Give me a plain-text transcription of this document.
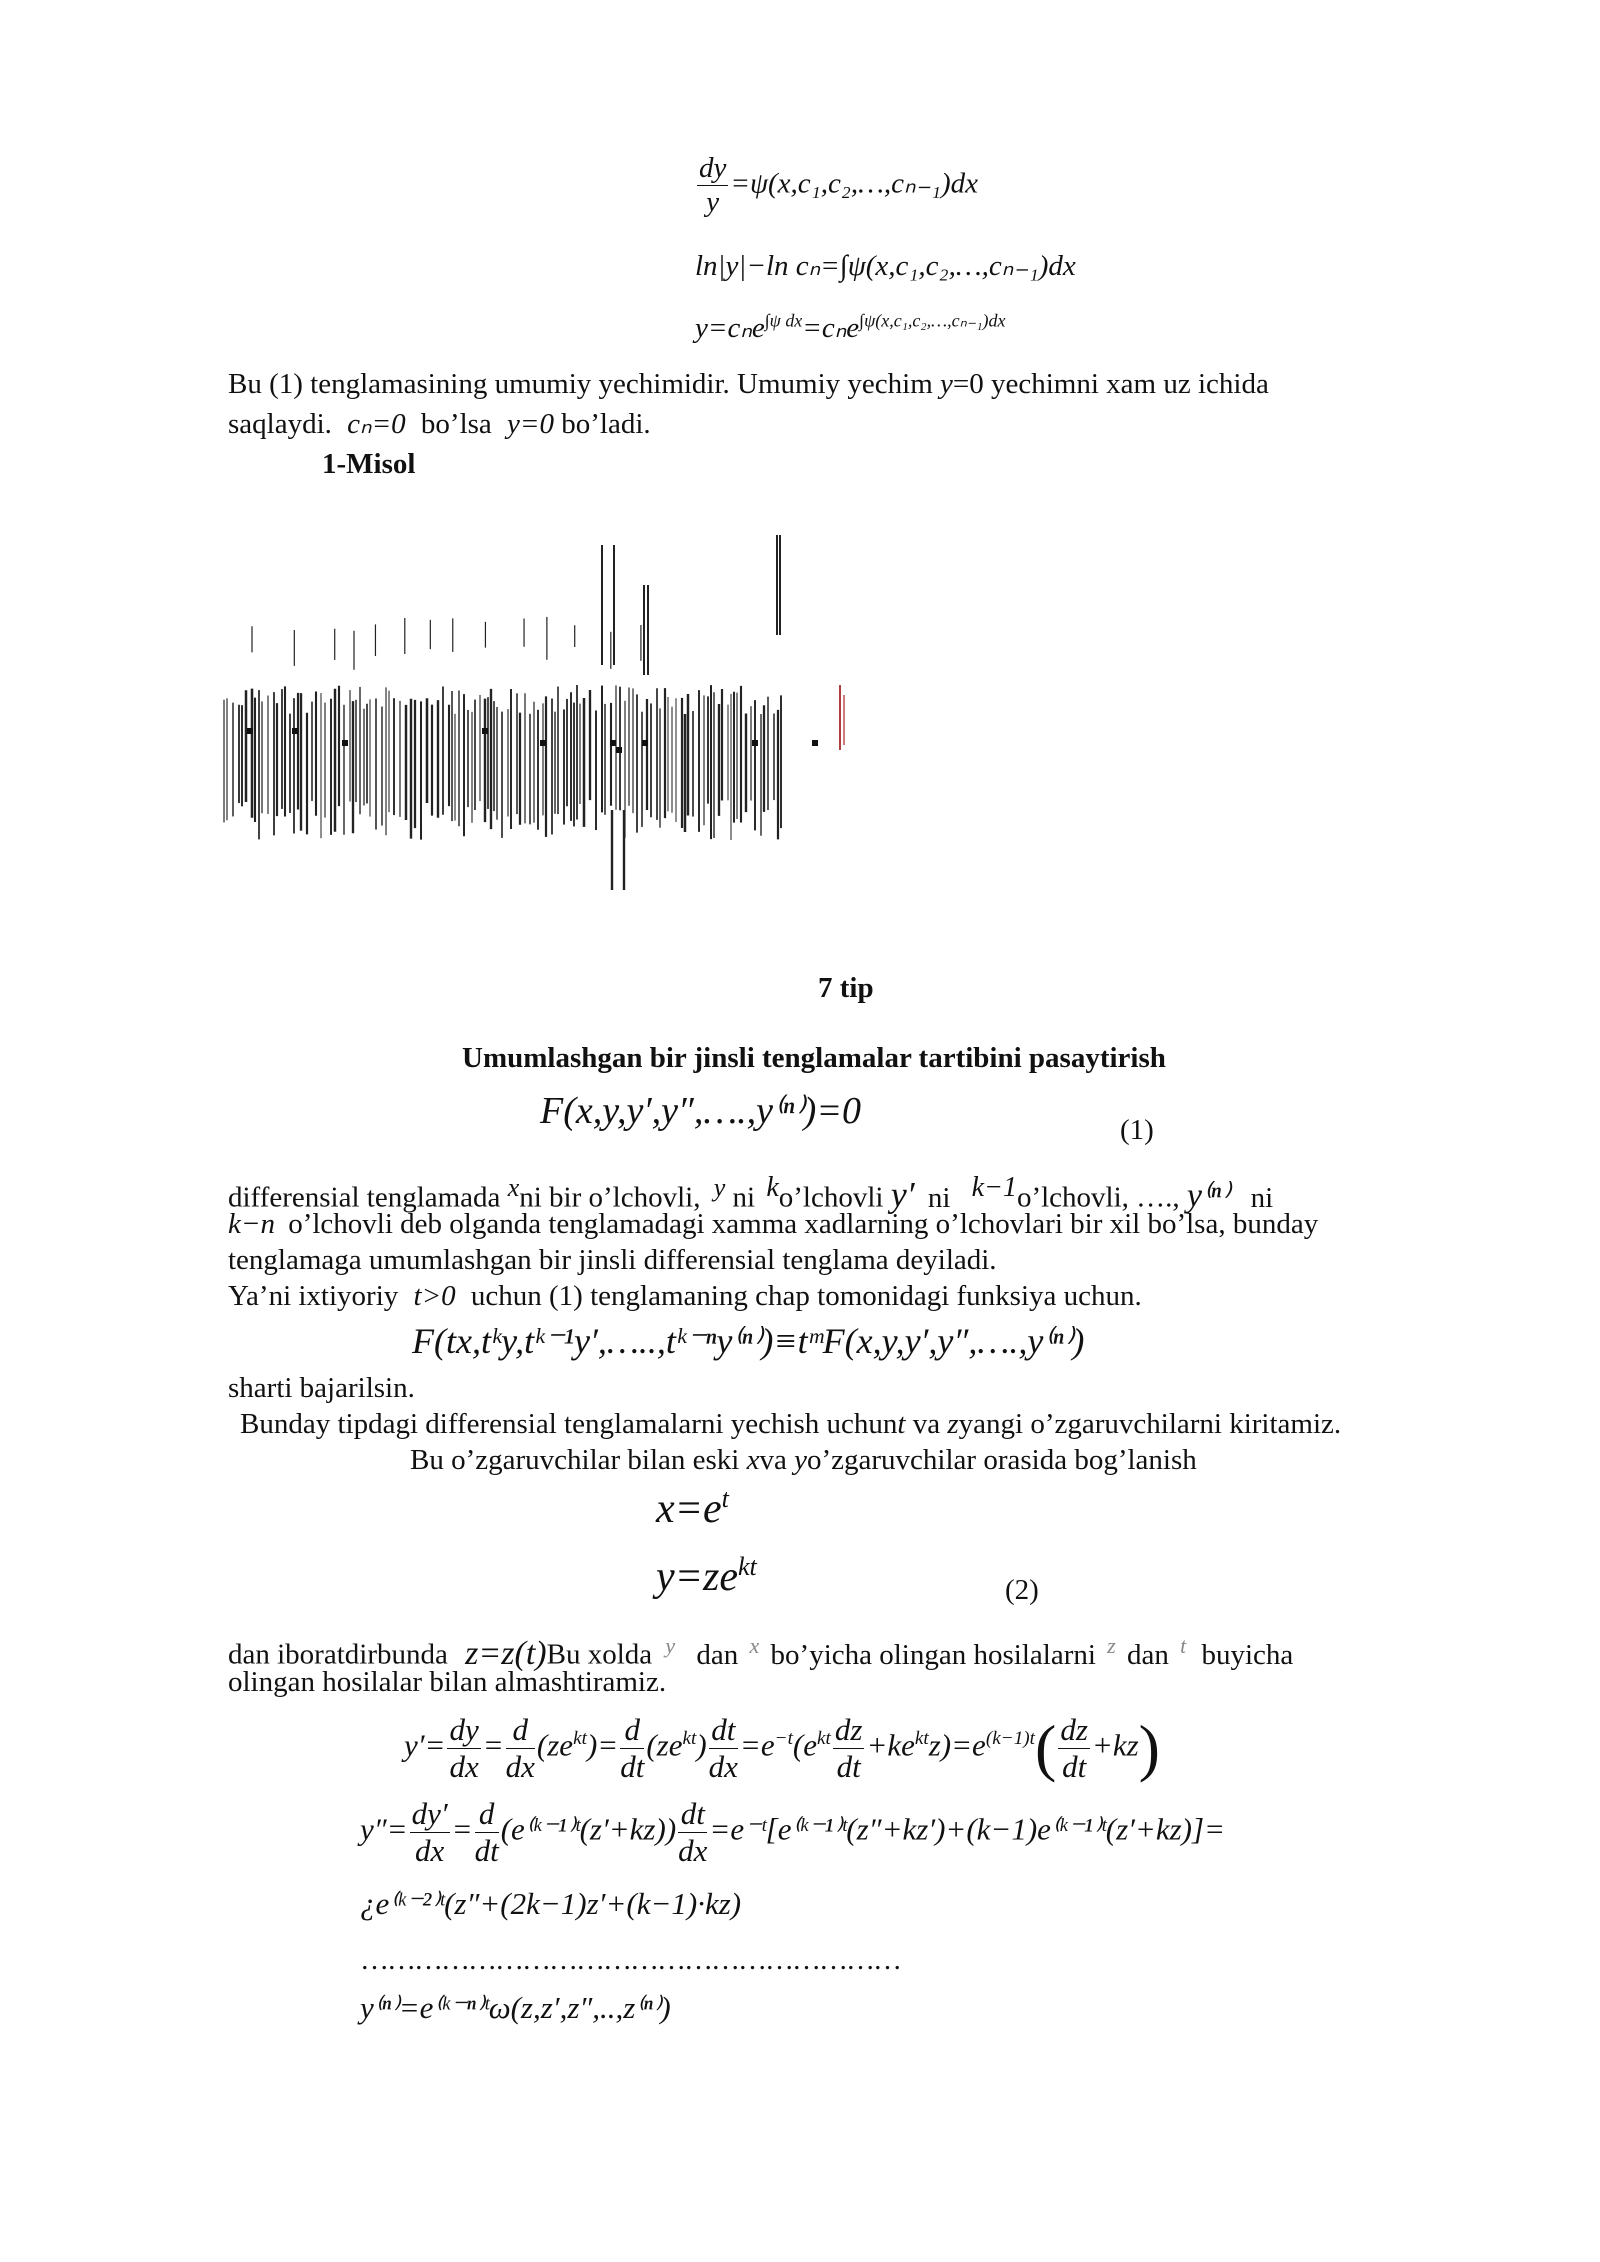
$\frac{dy}{y}$ =ψ(x,c₁,c₂,…,cₙ₋₁)dx
ln|y|−ln cₙ=∫ψ(x,c₁,c₂,…,cₙ₋₁)dx
y=cₙe$^{\int\psi dx}$=cₙe$^{\int\psi(x,c_1,c_2,\dots,c_{n-1})dx}$
Bu (1) tenglamasining umumiy yechimidir. Umumiy yechim y=0 yechimni xam uz ichida
saqlaydi. cₙ=0 bo’lsa y=0 bo’ladi.
1-Misol
7 tip
Umumlashgan bir jinsli tenglamalar tartibini pasaytirish
F(x,y,y′,y″,….,y⁽ⁿ⁾)=0	(1)
differensial tenglamada $^x$ni bir o’lchovli, $^y$ ni $^k$o’lchovli y′ ni $^{k-1}$o’lchovli, …., y⁽ⁿ⁾ ni
k−n o’lchovli deb olganda tenglamadagi xamma xadlarning o’lchovlari bir xil bo’lsa, bunday
tenglamaga umumlashgan bir jinsli differensial tenglama deyiladi.
Ya’ni ixtiyoriy t>0 uchun (1) tenglamaning chap tomonidagi funksiya uchun.
F(tx,tᵏy,tᵏ⁻¹y′,…..,tᵏ⁻ⁿy⁽ⁿ⁾)≡tᵐF(x,y,y′,y″,….,y⁽ⁿ⁾)
sharti bajarilsin.
Bunday tipdagi differensial tenglamalarni yechish uchunt va zyangi o’zgaruvchilarni kiritamiz.
Bu o’zgaruvchilar bilan eski xva yo’zgaruvchilar orasida bog’lanish
$x=e^t$
$y=ze^{kt}$
(2)
dan iboratdirbunda z=z(t)Bu xolda $^y$ dan $^x$ bo’yicha olingan hosilalarni $^z$ dan $^t$ buyicha
olingan hosilalar bilan almashtiramiz.
$y'= \frac{dy}{dx} = \frac{d}{dx} (ze^{kt})= \frac{d}{dt} (ze^{kt}) \frac{dt}{dx} =e^{-t}(e^{kt} \frac{dz}{dt} +ke^{kt}z)=e^{(k-1)t}( \frac{dz}{dt} +kz)$
$y''= \frac{dy'}{dx} = \frac{d}{dt}$ (e⁽ᵏ⁻¹⁾ᵗ(z′+kz)) $\frac{dt}{dx}$ =e⁻ᵗ[e⁽ᵏ⁻¹⁾ᵗ(z″+kz′)+(k−1)e⁽ᵏ⁻¹⁾ᵗ(z′+kz)]=
¿e⁽ᵏ⁻²⁾ᵗ(z″+(2k−1)z′+(k−1)·kz)
……………………………………………………
y⁽ⁿ⁾=e⁽ᵏ⁻ⁿ⁾ᵗω(z,z′,z″,..,z⁽ⁿ⁾)
